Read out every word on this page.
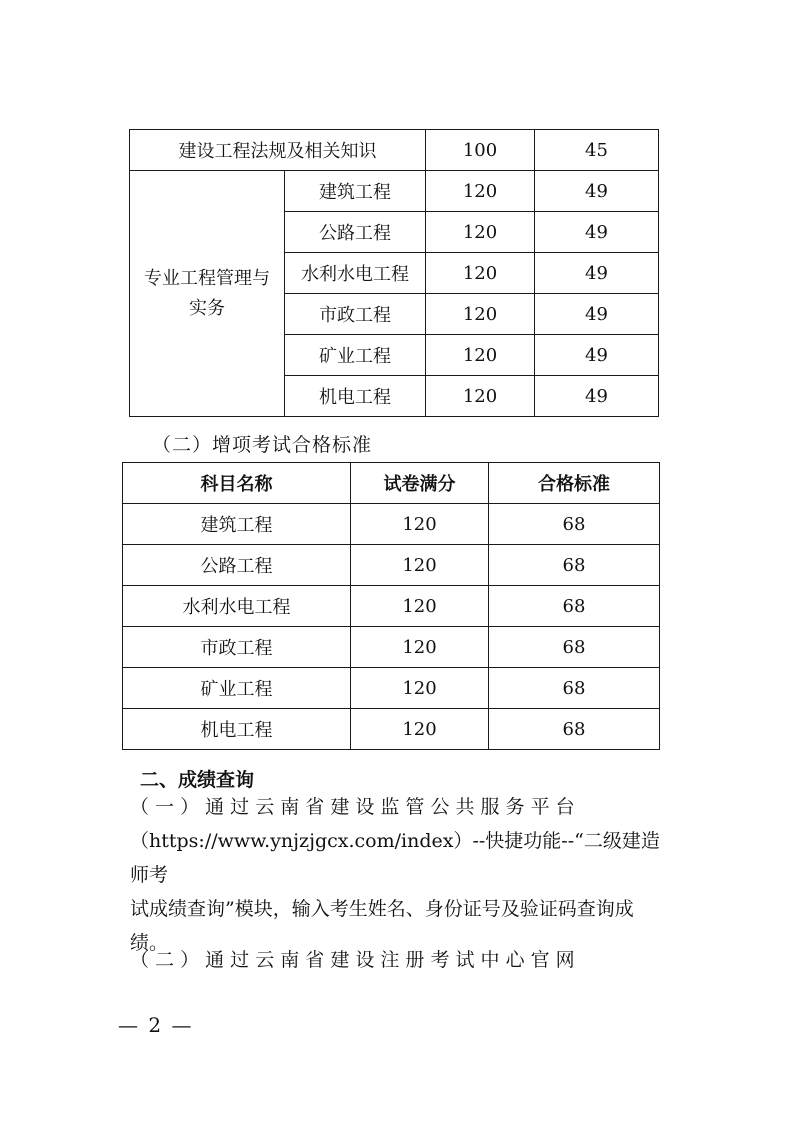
建设工程法规及相关知识		100	45
专业工程管理与
实务	建筑工程	120	49
	公路工程	120	49
	水利水电工程	120	49
	市政工程	120	49
	矿业工程	120	49
	机电工程	120	49
（二）增项考试合格标准
科目名称	试卷满分	合格标准
建筑工程	120	68
公路工程	120	68
水利水电工程	120	68
市政工程	120	68
矿业工程	120	68
机电工程	120	68
二、成绩查询
（ 一 ） 通 过 云 南 省 建 设 监 管 公 共 服 务 平 台
（https://www.ynjzjgcx.com/index）--快捷功能--“二级建造师考
试成绩查询”模块，输入考生姓名、身份证号及验证码查询成
绩。
（ 二 ） 通 过 云 南 省 建 设 注 册 考 试 中 心 官 网
— 2 —
